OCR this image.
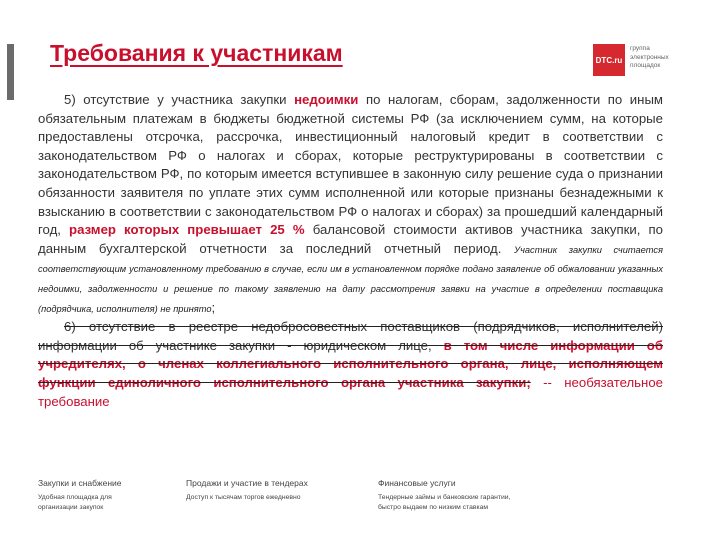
Требования к участникам	DTC.ru
группа
электронных
площадок

5) отсутствие у участника закупки недоимки по налогам, сборам, задолженности по иным обязательным платежам в бюджеты бюджетной системы РФ (за исключением сумм, на которые предоставлены отсрочка, рассрочка, инвестиционный налоговый кредит в соответствии с законодательством РФ о налогах и сборах, которые реструктурированы в соответствии с законодательством РФ, по которым имеется вступившее в законную силу решение суда о признании обязанности заявителя по уплате этих сумм исполненной или которые признаны безнадежными к взысканию в соответствии с законодательством РФ о налогах и сборах) за прошедший календарный год, размер которых превышает 25 % балансовой стоимости активов участника закупки, по данным бухгалтерской отчетности за последний отчетный период. Участник закупки считается соответствующим установленному требованию в случае, если им в установленном порядке подано заявление об обжаловании указанных недоимки, задолженности и решение по такому заявлению на дату рассмотрения заявки на участие в определении поставщика (подрядчика, исполнителя) не принято;

6) отсутствие в реестре недобросовестных поставщиков (подрядчиков, исполнителей) информации об участнике закупки - юридическом лице, в том числе информации об учредителях, о членах коллегиального исполнительного органа, лице, исполняющем функции единоличного исполнительного органа участника закупки; -- необязательное требование

Закупки и снабжение
Удобная площадка для
организации закупок
Продажи и участие в тендерах
Доступ к тысячам торгов ежедневно
Финансовые услуги
Тендерные займы и банковские гарантии,
быстро выдаем по низким ставкам
